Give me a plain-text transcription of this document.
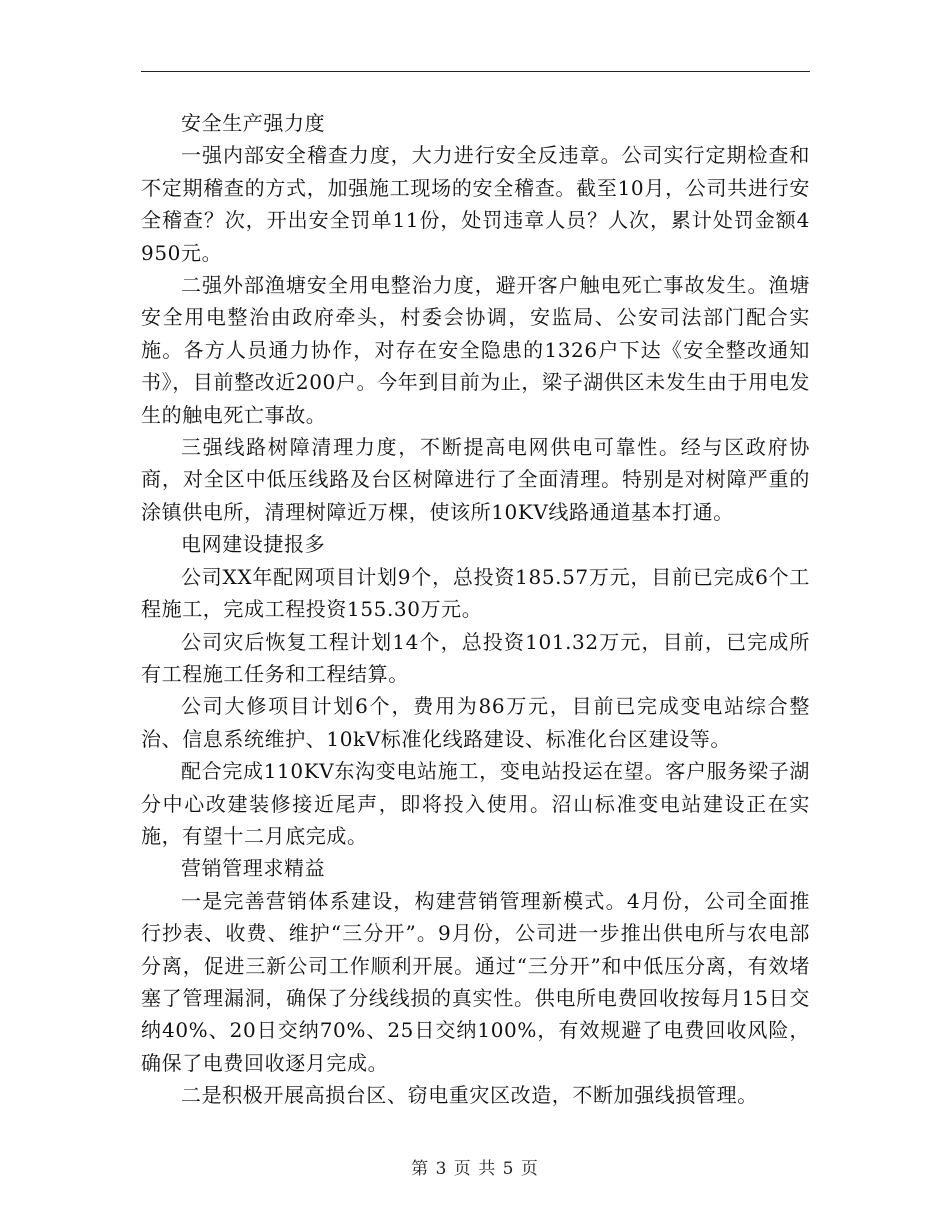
安全生产强力度

一强内部安全稽查力度，大力进行安全反违章。公司实行定期检查和不定期稽查的方式，加强施工现场的安全稽查。截至10月，公司共进行安全稽查？次，开出安全罚单11份，处罚违章人员？人次，累计处罚金额4950元。

二强外部渔塘安全用电整治力度，避开客户触电死亡事故发生。渔塘安全用电整治由政府牵头，村委会协调，安监局、公安司法部门配合实施。各方人员通力协作，对存在安全隐患的1326户下达《安全整改通知书》，目前整改近200户。今年到目前为止，梁子湖供区未发生由于用电发生的触电死亡事故。

三强线路树障清理力度，不断提高电网供电可靠性。经与区政府协商，对全区中低压线路及台区树障进行了全面清理。特别是对树障严重的涂镇供电所，清理树障近万棵，使该所10KV线路通道基本打通。

电网建设捷报多

公司XX年配网项目计划9个，总投资185.57万元，目前已完成6个工程施工，完成工程投资155.30万元。

公司灾后恢复工程计划14个，总投资101.32万元，目前，已完成所有工程施工任务和工程结算。

公司大修项目计划6个，费用为86万元，目前已完成变电站综合整治、信息系统维护、10kV标准化线路建设、标准化台区建设等。

配合完成110KV东沟变电站施工，变电站投运在望。客户服务梁子湖分中心改建装修接近尾声，即将投入使用。沼山标准变电站建设正在实施，有望十二月底完成。

营销管理求精益

一是完善营销体系建设，构建营销管理新模式。4月份，公司全面推行抄表、收费、维护“三分开”。9月份，公司进一步推出供电所与农电部分离，促进三新公司工作顺利开展。通过“三分开”和中低压分离，有效堵塞了管理漏洞，确保了分线线损的真实性。供电所电费回收按每月15日交纳40%、20日交纳70%、25日交纳100%，有效规避了电费回收风险，确保了电费回收逐月完成。

二是积极开展高损台区、窃电重灾区改造，不断加强线损管理。

第 3 页 共 5 页
